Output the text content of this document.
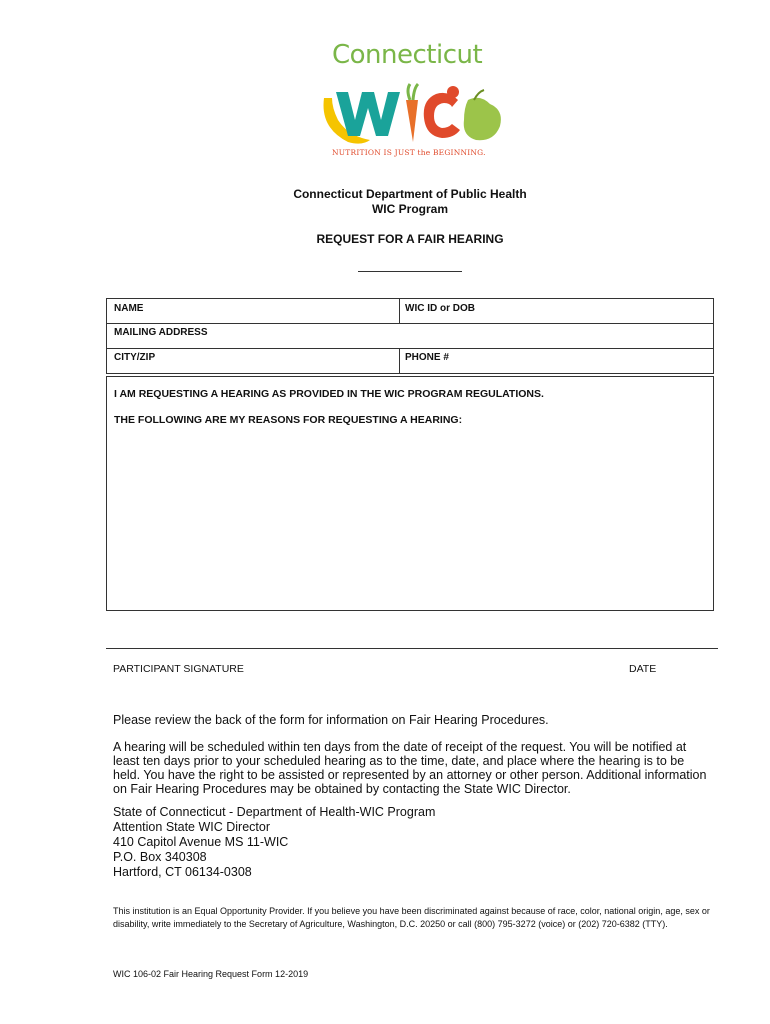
Connecticut
NUTRITION IS JUST the BEGINNING.
Connecticut Department of Public Health
WIC Program
REQUEST FOR A FAIR HEARING
NAME	WIC ID or DOB
MAILING ADDRESS
CITY/ZIP	PHONE #
I AM REQUESTING A HEARING AS PROVIDED IN THE WIC PROGRAM REGULATIONS.
THE FOLLOWING ARE MY REASONS FOR REQUESTING A HEARING:
PARTICIPANT SIGNATURE	DATE
Please review the back of the form for information on Fair Hearing Procedures.
A hearing will be scheduled within ten days from the date of receipt of the request. You will be notified at least ten days prior to your scheduled hearing as to the time, date, and place where the hearing is to be held. You have the right to be assisted or represented by an attorney or other person. Additional information on Fair Hearing Procedures may be obtained by contacting the State WIC Director.
State of Connecticut - Department of Health-WIC Program
Attention State WIC Director
410 Capitol Avenue MS 11-WIC
P.O. Box 340308
Hartford, CT 06134-0308
This institution is an Equal Opportunity Provider. If you believe you have been discriminated against because of race, color, national origin, age, sex or disability, write immediately to the Secretary of Agriculture, Washington, D.C. 20250 or call (800) 795-3272 (voice) or (202) 720-6382 (TTY).
WIC 106-02 Fair Hearing Request Form 12-2019
